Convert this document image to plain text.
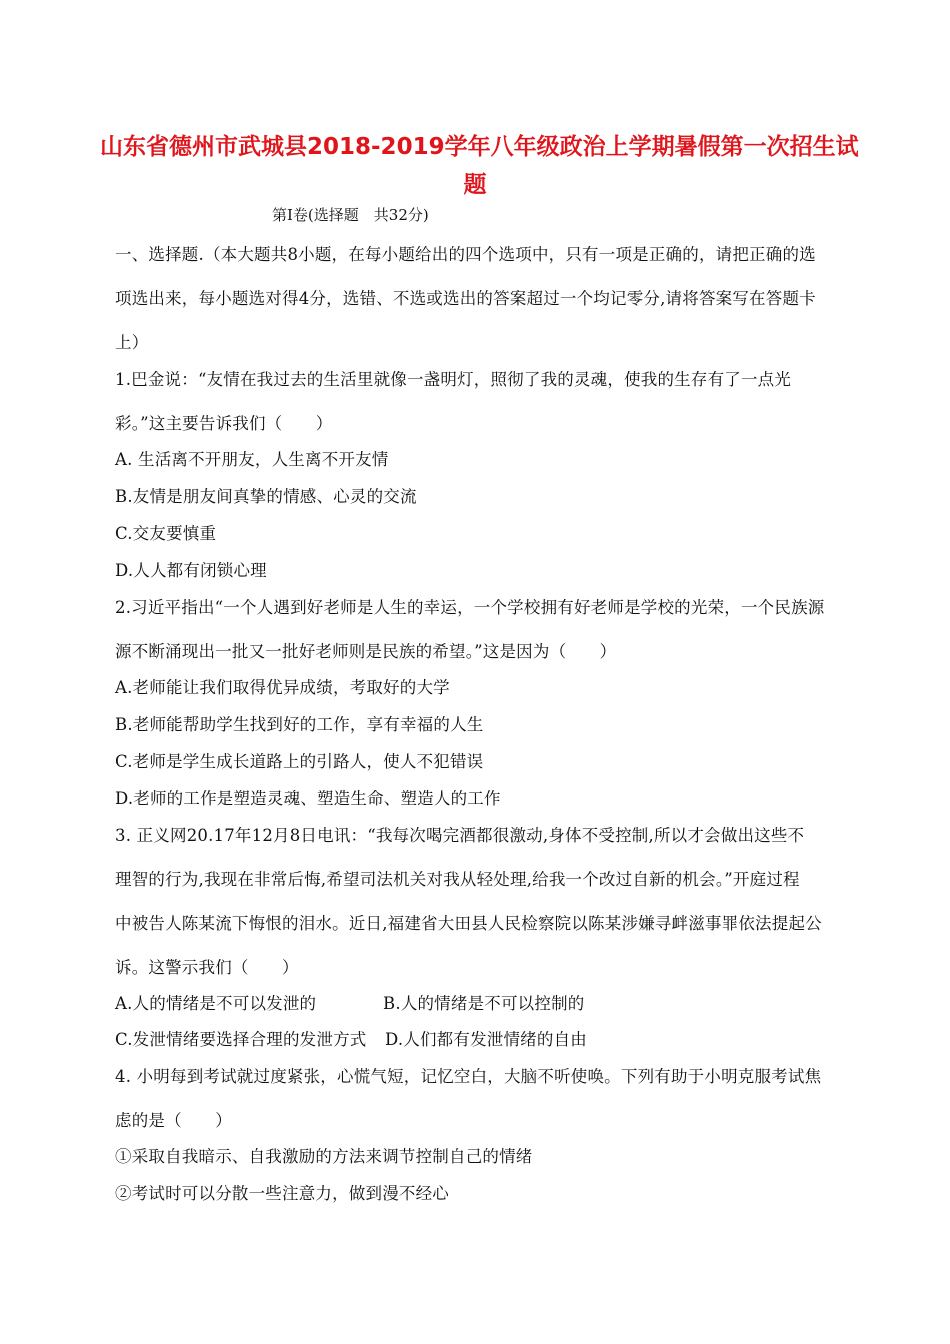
山东省德州市武城县2018-2019学年八年级政治上学期暑假第一次招生试
题
第Ⅰ卷(选择题　共32分)
一、选择题.（本大题共8小题，在每小题给出的四个选项中，只有一项是正确的，请把正确的选
项选出来，每小题选对得4分，选错、不选或选出的答案超过一个均记零分,请将答案写在答题卡
上）
1.巴金说：“友情在我过去的生活里就像一盏明灯，照彻了我的灵魂，使我的生存有了一点光
彩。”这主要告诉我们（　　）
A. 生活离不开朋友，人生离不开友情
B.友情是朋友间真挚的情感、心灵的交流
C.交友要慎重
D.人人都有闭锁心理
2.习近平指出“一个人遇到好老师是人生的幸运，一个学校拥有好老师是学校的光荣，一个民族源
源不断涌现出一批又一批好老师则是民族的希望。”这是因为（　　）
A.老师能让我们取得优异成绩，考取好的大学
B.老师能帮助学生找到好的工作，享有幸福的人生
C.老师是学生成长道路上的引路人，使人不犯错误
D.老师的工作是塑造灵魂、塑造生命、塑造人的工作
3. 正义网20.17年12月8日电讯：“我每次喝完酒都很激动,身体不受控制,所以才会做出这些不
理智的行为,我现在非常后悔,希望司法机关对我从轻处理,给我一个改过自新的机会。”开庭过程
中被告人陈某流下悔恨的泪水。近日,福建省大田县人民检察院以陈某涉嫌寻衅滋事罪依法提起公
诉。这警示我们（　　）
A.人的情绪是不可以发泄的	B.人的情绪是不可以控制的
C.发泄情绪要选择合理的发泄方式 D.人们都有发泄情绪的自由
4. 小明每到考试就过度紧张，心慌气短，记忆空白，大脑不听使唤。下列有助于小明克服考试焦
虑的是（　　）
①采取自我暗示、自我激励的方法来调节控制自己的情绪
②考试时可以分散一些注意力，做到漫不经心
